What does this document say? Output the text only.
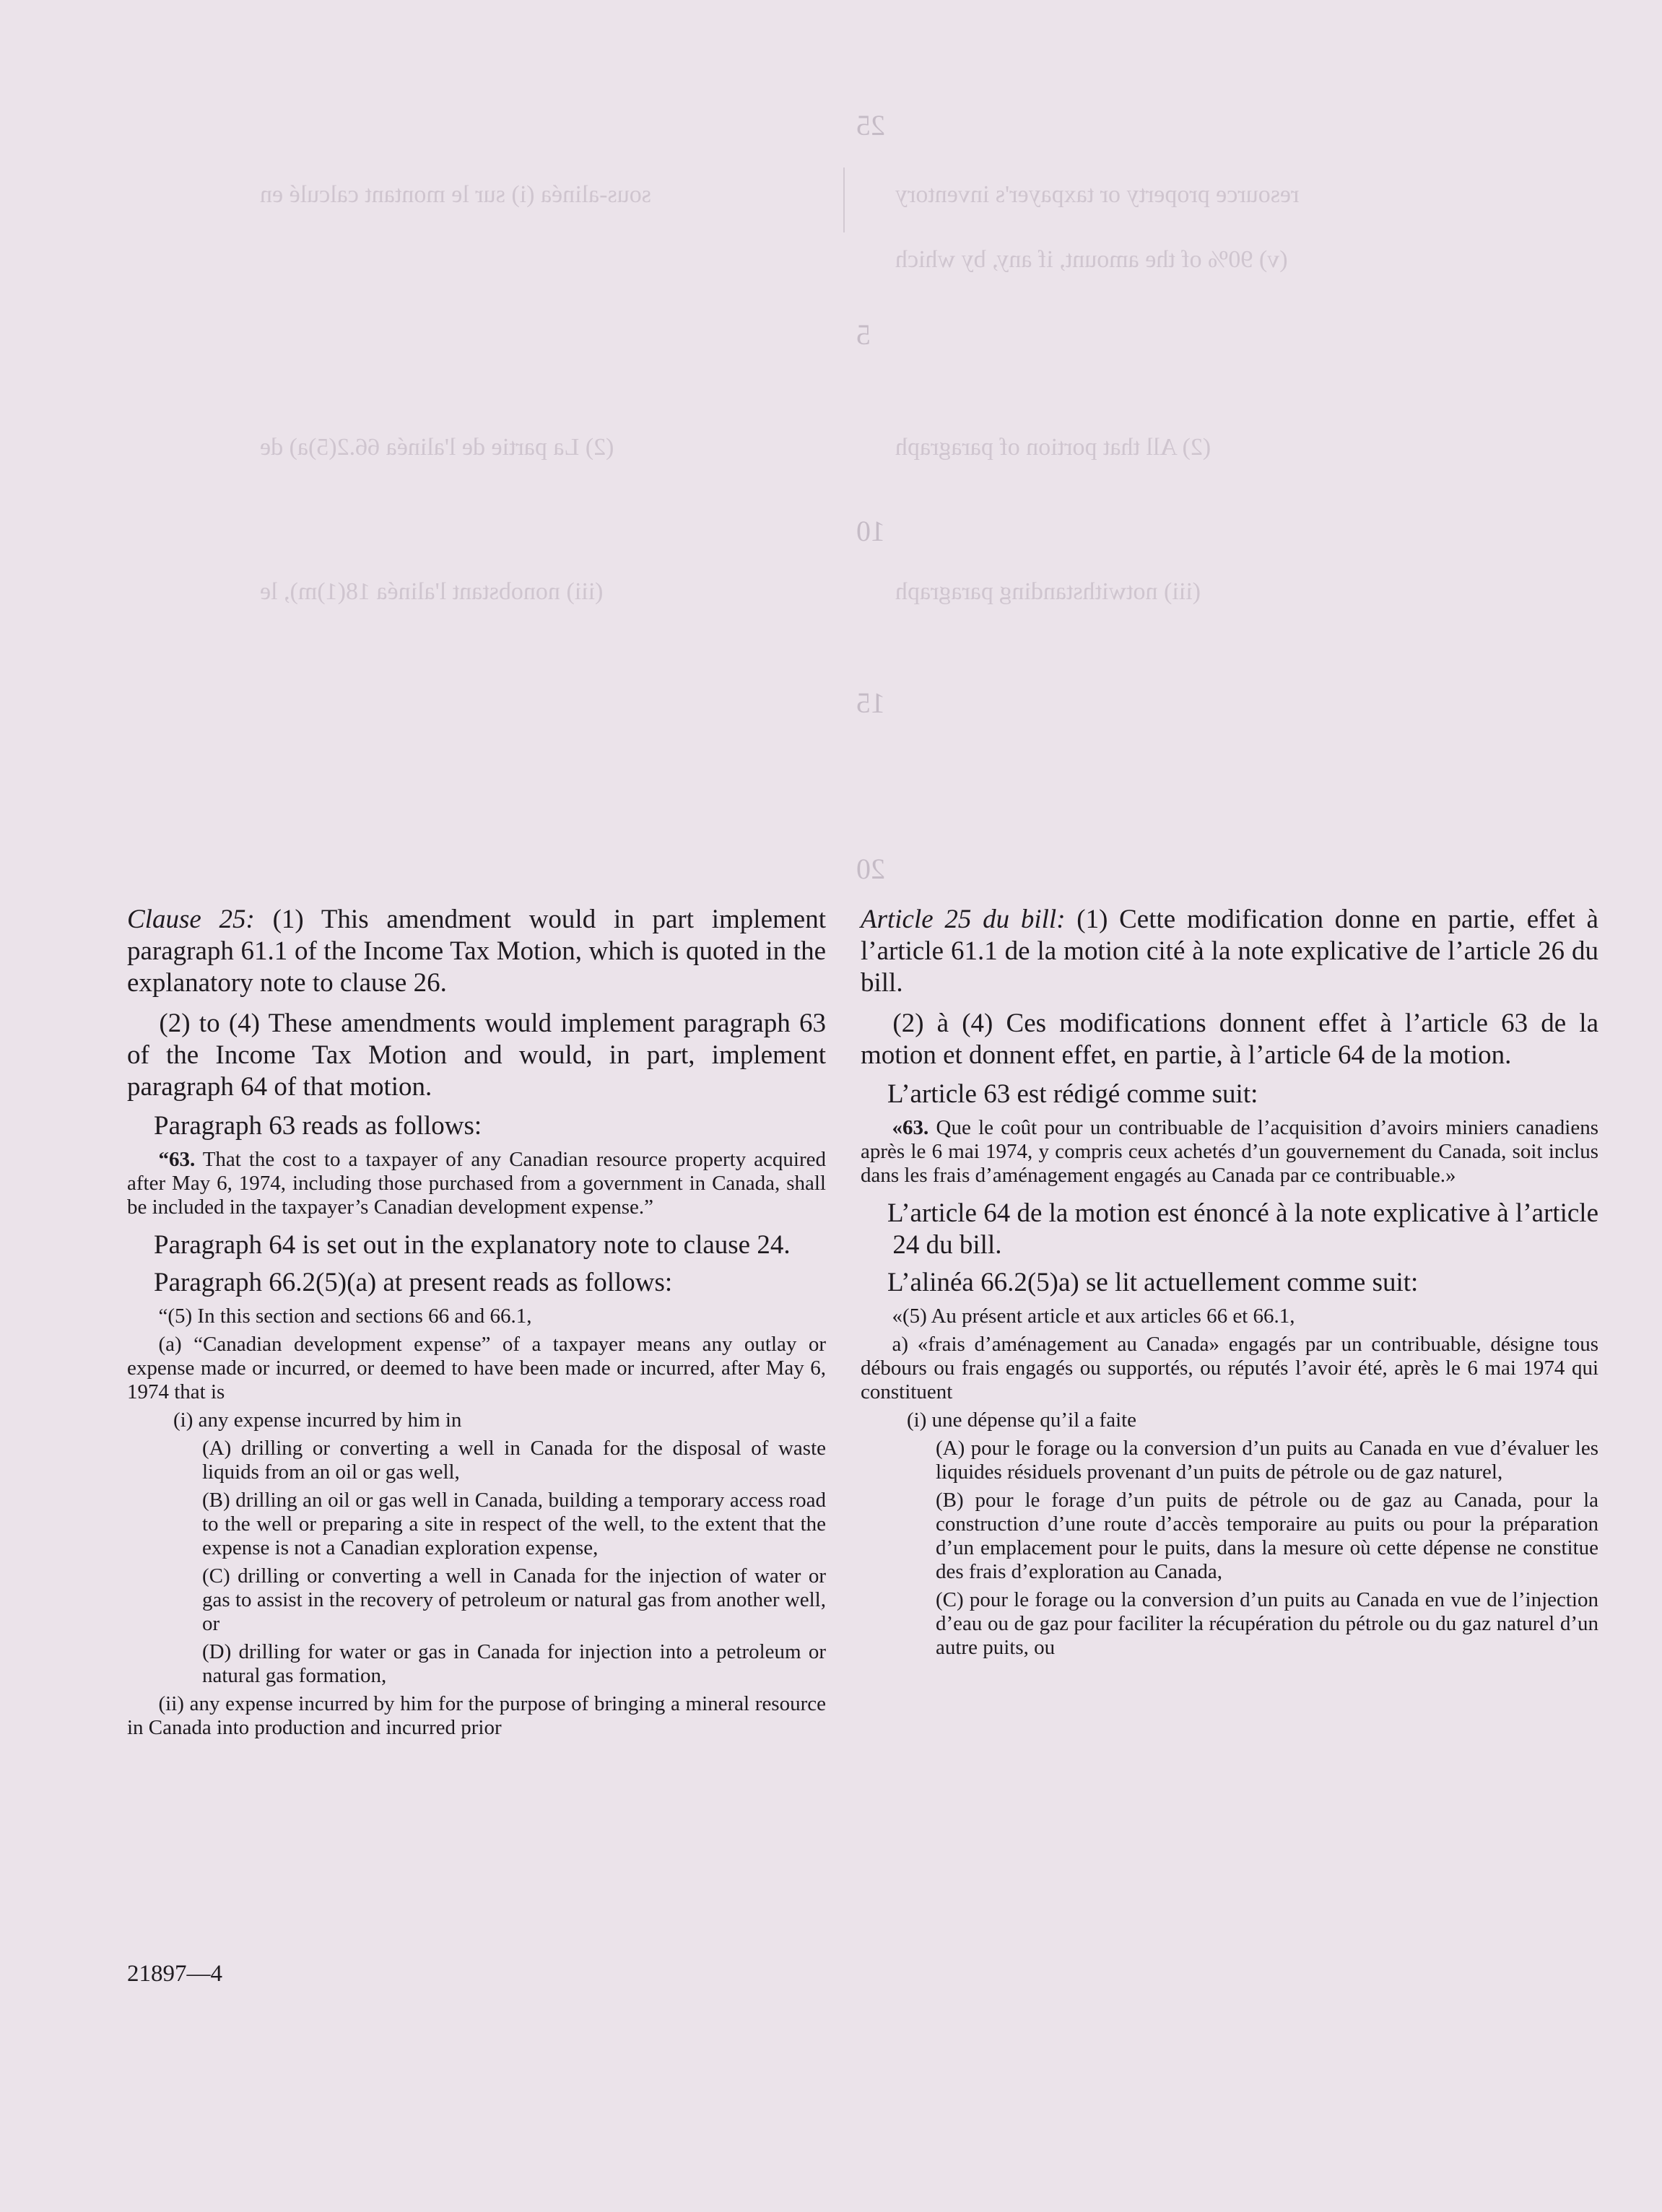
25
resource property or taxpayer's inventory
(v) 90% of the amount, if any, by which
(2) All that portion of paragraph
(iii) notwithstanding paragraph
sous-alinéa (i) sur le montant calculé en
(2) La partie de l'alinéa 66.2(5)a) de
(iii) nonobstant l'alinéa 18(1)m), le
5
10
15
20

Clause 25: (1) This amendment would in part implement paragraph 61.1 of the Income Tax Motion, which is quoted in the explanatory note to clause 26.

(2) to (4) These amendments would implement paragraph 63 of the Income Tax Motion and would, in part, implement paragraph 64 of that motion.

Paragraph 63 reads as follows:

“63. That the cost to a taxpayer of any Canadian resource property acquired after May 6, 1974, including those purchased from a government in Canada, shall be included in the taxpayer’s Canadian development expense.”

Paragraph 64 is set out in the explanatory note to clause 24.

Paragraph 66.2(5)(a) at present reads as follows:

“(5) In this section and sections 66 and 66.1,

(a) “Canadian development expense” of a taxpayer means any outlay or expense made or incurred, or deemed to have been made or incurred, after May 6, 1974 that is

(i) any expense incurred by him in

(A) drilling or converting a well in Canada for the disposal of waste liquids from an oil or gas well,

(B) drilling an oil or gas well in Canada, building a temporary access road to the well or preparing a site in respect of the well, to the extent that the expense is not a Canadian exploration expense,

(C) drilling or converting a well in Canada for the injection of water or gas to assist in the recovery of petroleum or natural gas from another well, or

(D) drilling for water or gas in Canada for injection into a petroleum or natural gas formation,

(ii) any expense incurred by him for the purpose of bringing a mineral resource in Canada into production and incurred prior

Article 25 du bill: (1) Cette modification donne en partie, effet à l’article 61.1 de la motion cité à la note explicative de l’article 26 du bill.

(2) à (4) Ces modifications donnent effet à l’article 63 de la motion et donnent effet, en partie, à l’article 64 de la motion.

L’article 63 est rédigé comme suit:

«63. Que le coût pour un contribuable de l’acquisition d’avoirs miniers canadiens après le 6 mai 1974, y compris ceux achetés d’un gouvernement du Canada, soit inclus dans les frais d’aménagement engagés au Canada par ce contribuable.»

L’article 64 de la motion est énoncé à la note explicative à l’article 24 du bill.

L’alinéa 66.2(5)a) se lit actuellement comme suit:

«(5) Au présent article et aux articles 66 et 66.1,

a) «frais d’aménagement au Canada» engagés par un contribuable, désigne tous débours ou frais engagés ou supportés, ou réputés l’avoir été, après le 6 mai 1974 qui constituent

(i) une dépense qu’il a faite

(A) pour le forage ou la conversion d’un puits au Canada en vue d’évaluer les liquides résiduels provenant d’un puits de pétrole ou de gaz naturel,

(B) pour le forage d’un puits de pétrole ou de gaz au Canada, pour la construction d’une route d’accès temporaire au puits ou pour la préparation d’un emplacement pour le puits, dans la mesure où cette dépense ne constitue des frais d’exploration au Canada,

(C) pour le forage ou la conversion d’un puits au Canada en vue de l’injection d’eau ou de gaz pour faciliter la récupération du pétrole ou du gaz naturel d’un autre puits, ou

21897—4
